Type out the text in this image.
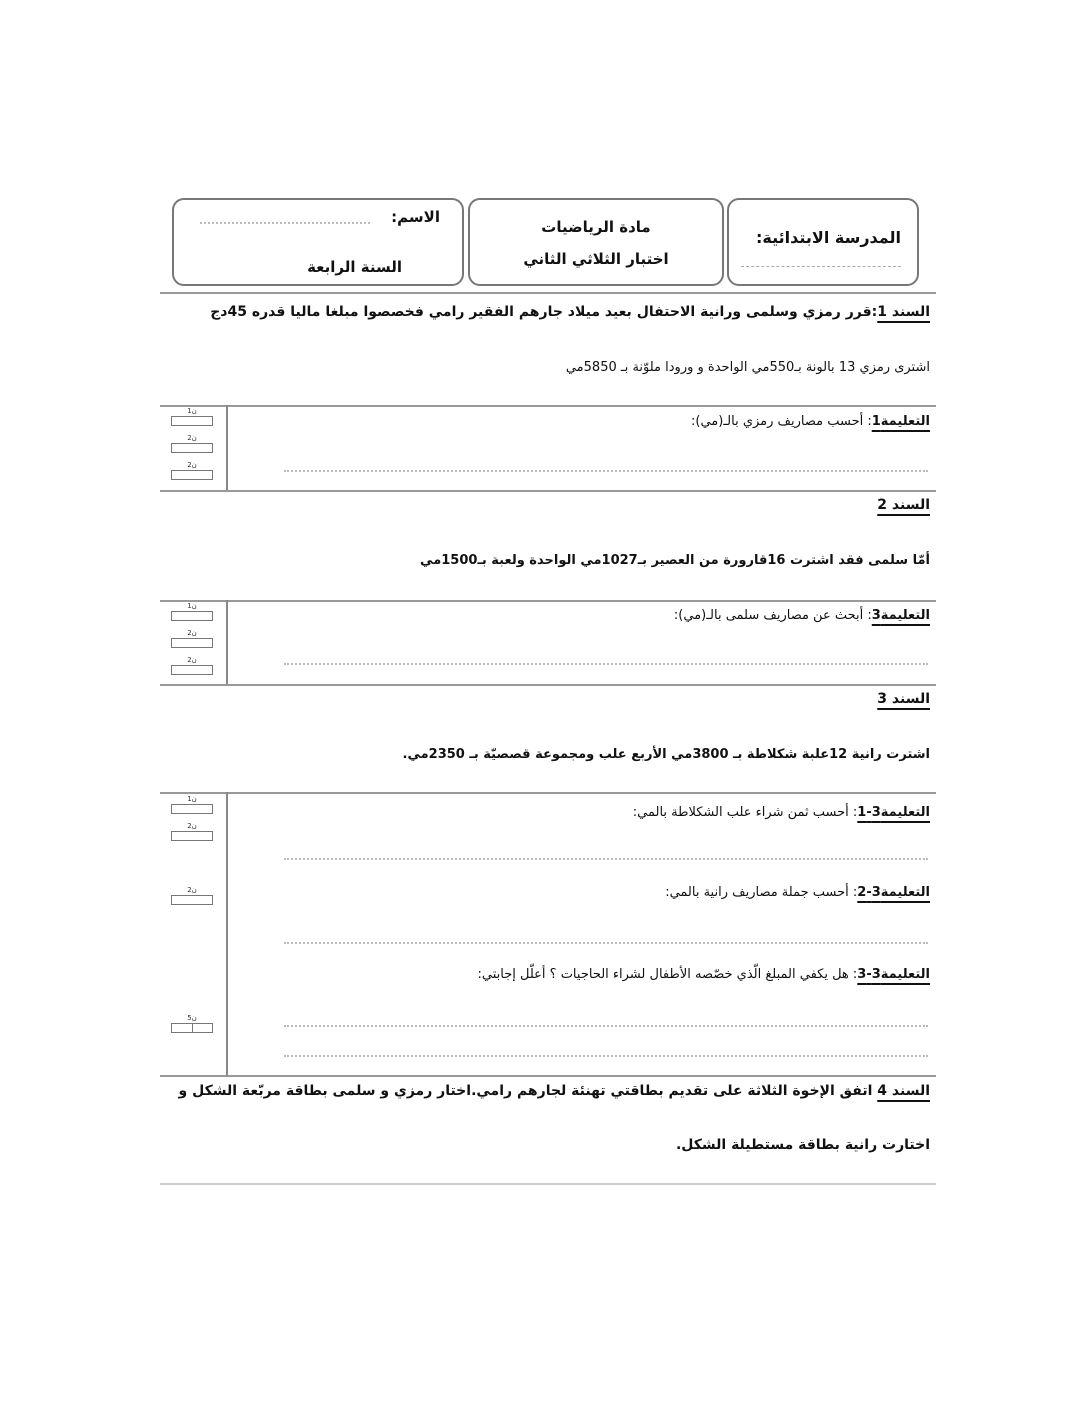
المدرسة الابتدائية:
مادة الرياضيات
اختبار الثلاثي الثاني
الاسم:
السنة الرابعة
السند 1:قرر رمزي وسلمى ورانية الاحتفال بعيد ميلاد جارهم الفقير رامي فخصصوا مبلغا ماليا قدره 45دج
اشترى رمزي 13 بالونة بـ550مي الواحدة و ورودا ملوّنة بـ 5850مي
التعليمة1: أحسب مصاريف رمزي بالـ(مي):
1ن
2ن
2ن
السند 2
أمّا سلمى فقد اشترت 16قارورة من العصير بـ1027مي الواحدة ولعبة بـ1500مي
التعليمة3: أبحث عن مصاريف سلمى بالـ(مي):
1ن
2ن
2ن
السند 3
اشترت رانية 12علبة شكلاطة بـ 3800مي الأربع علب ومجموعة قصصيّة بـ 2350مي.
التعليمة3-1: أحسب ثمن شراء علب الشكلاطة بالمي:
1ن
2ن
التعليمة3-2: أحسب جملة مصاريف رانية بالمي:
2ن
التعليمة3-3: هل يكفي المبلغ الّذي خصّصه الأطفال لشراء الحاجيات ؟ أعلّل إجابتي:
5ن
السند 4 اتفق الإخوة الثلاثة على تقديم بطاقتي تهنئة لجارهم رامي.اختار رمزي و سلمى بطاقة مربّعة الشكل و
اختارت رانية بطاقة مستطيلة الشكل.
